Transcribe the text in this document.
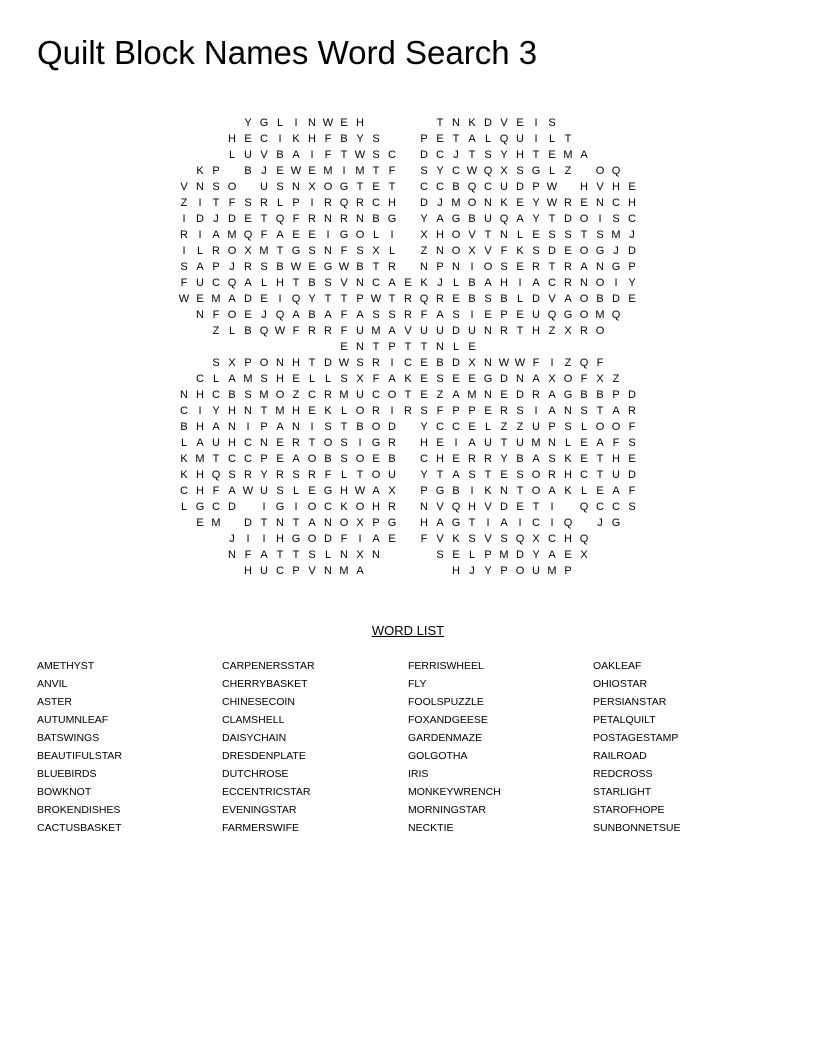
Quilt Block Names Word Search 3
Y G L	I N W E H	T N K D V E I S
H E C I K H F B Y S	P E T A L Q U I	L T
L U V B A I	F T W S C	D C J T S Y H T E M A
K P	B J E W E M I M T F	S Y C W Q X S G L Z	O Q
V N S O	U S N X O G T E T	C C B Q C U D P W	H V H E
Z	I	T F S R L P I R Q R C H	D J M O N K E Y W R E N C H
I D J D E T Q F R N R N B G	Y A G B U Q A Y T D O I S C
R I A M Q F A E E I G O L	I	X H O V T N L E S S T S M J
I	L R O X M T G S N F S X L	Z N O X V F K S D E O G J D
S A P J R S B W E G W B T R	N P N I O S E R T R A N G P
F U C Q A L H T B S V N C A E K J L B A H I A C R N O I Y
W E M A D E I Q Y T T P W T R Q R E B S B L D V A O B D E
N F O E J Q A B A F A S S R F A S I E P E U Q G O M Q
Z L B Q W F R R F U M A V U U D U N R T H Z X R O
E N T P T T N L E
S X P O N H T D W S R I C E B D X N W W F	I	Z Q F
C L A M S H E L L S X F A K E S E E G D N A X O F X Z
N H C B S M O Z C R M U C O T E Z A M N E D R A G B B P D
C I Y H N T M H E K L O R I R S F P P E R S I A N S T A R
B H A N I P A N I S T B O D	Y C C E L Z Z U P S L O O F
L A U H C N E R T O S I G R	H E I A U T U M N L E A F S
K M T C C P E A O B S O E B	C H E R R Y B A S K E T H E
K H Q S R Y R S R F L T O U	Y T A S T E S O R H C T U D
C H F A W U S L E G H W A X	P G B I K N T O A K L E A F
L G C D	I G I O C K O H R	N V Q H V D E T	I	Q C C S
E M	D T N T A N O X P G	H A G T	I A I C I Q	J G
J	I	I H G O D F	I A E	F V K S V S Q X C H Q
N F A T T S L N X N	S E L P M D Y A E X
H U C P V N M A	H J Y P O U M P
WORD LIST
AMETHYST
ANVIL
ASTER
AUTUMNLEAF
BATSWINGS
BEAUTIFULSTAR
BLUEBIRDS
BOWKNOT
BROKENDISHES
CACTUSBASKET
CARPENERSSTAR
CHERRYBASKET
CHINESECOIN
CLAMSHELL
DAISYCHAIN
DRESDENPLATE
DUTCHROSE
ECCENTRICSTAR
EVENINGSTAR
FARMERSWIFE
FERRISWHEEL
FLY
FOOLSPUZZLE
FOXANDGEESE
GARDENMAZE
GOLGOTHA
IRIS
MONKEYWRENCH
MORNINGSTAR
NECKTIE
OAKLEAF
OHIOSTAR
PERSIANSTAR
PETALQUILT
POSTAGESTAMP
RAILROAD
REDCROSS
STARLIGHT
STAROFHOPE
SUNBONNETSUE
